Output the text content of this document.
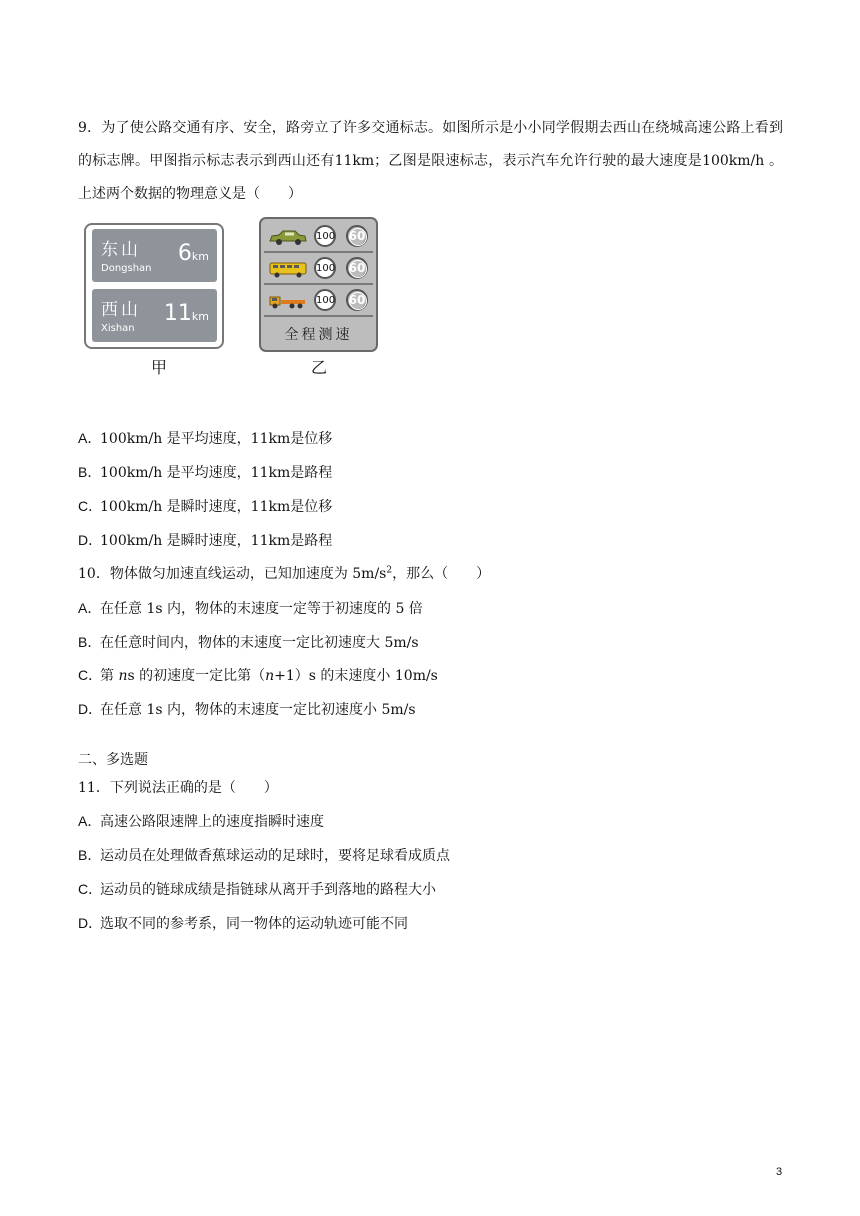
9．为了使公路交通有序、安全，路旁立了许多交通标志。如图所示是小小同学假期去西山在绕城高速公路上看到的标志牌。甲图指示标志表示到西山还有11km；乙图是限速标志，表示汽车允许行驶的最大速度是100km/h 。上述两个数据的物理意义是（　　）
东山
Dongshan
6km
西山
Xishan
11km
甲
100 60
100 60
100 60
全程测速
乙
A．100km/h 是平均速度，11km是位移
B．100km/h 是平均速度，11km是路程
C．100km/h 是瞬时速度，11km是位移
D．100km/h 是瞬时速度，11km是路程
10．物体做匀加速直线运动，已知加速度为 $5m/s^2$，那么（　　）
A．在任意 1s 内，物体的末速度一定等于初速度的 5 倍
B．在任意时间内，物体的末速度一定比初速度大 5m/s
C．第 ns 的初速度一定比第（n+1）s 的末速度小 10m/s
D．在任意 1s 内，物体的末速度一定比初速度小 5m/s
二、多选题
11．下列说法正确的是（　　）
A．高速公路限速牌上的速度指瞬时速度
B．运动员在处理做香蕉球运动的足球时，要将足球看成质点
C．运动员的链球成绩是指链球从离开手到落地的路程大小
D．选取不同的参考系，同一物体的运动轨迹可能不同
3
